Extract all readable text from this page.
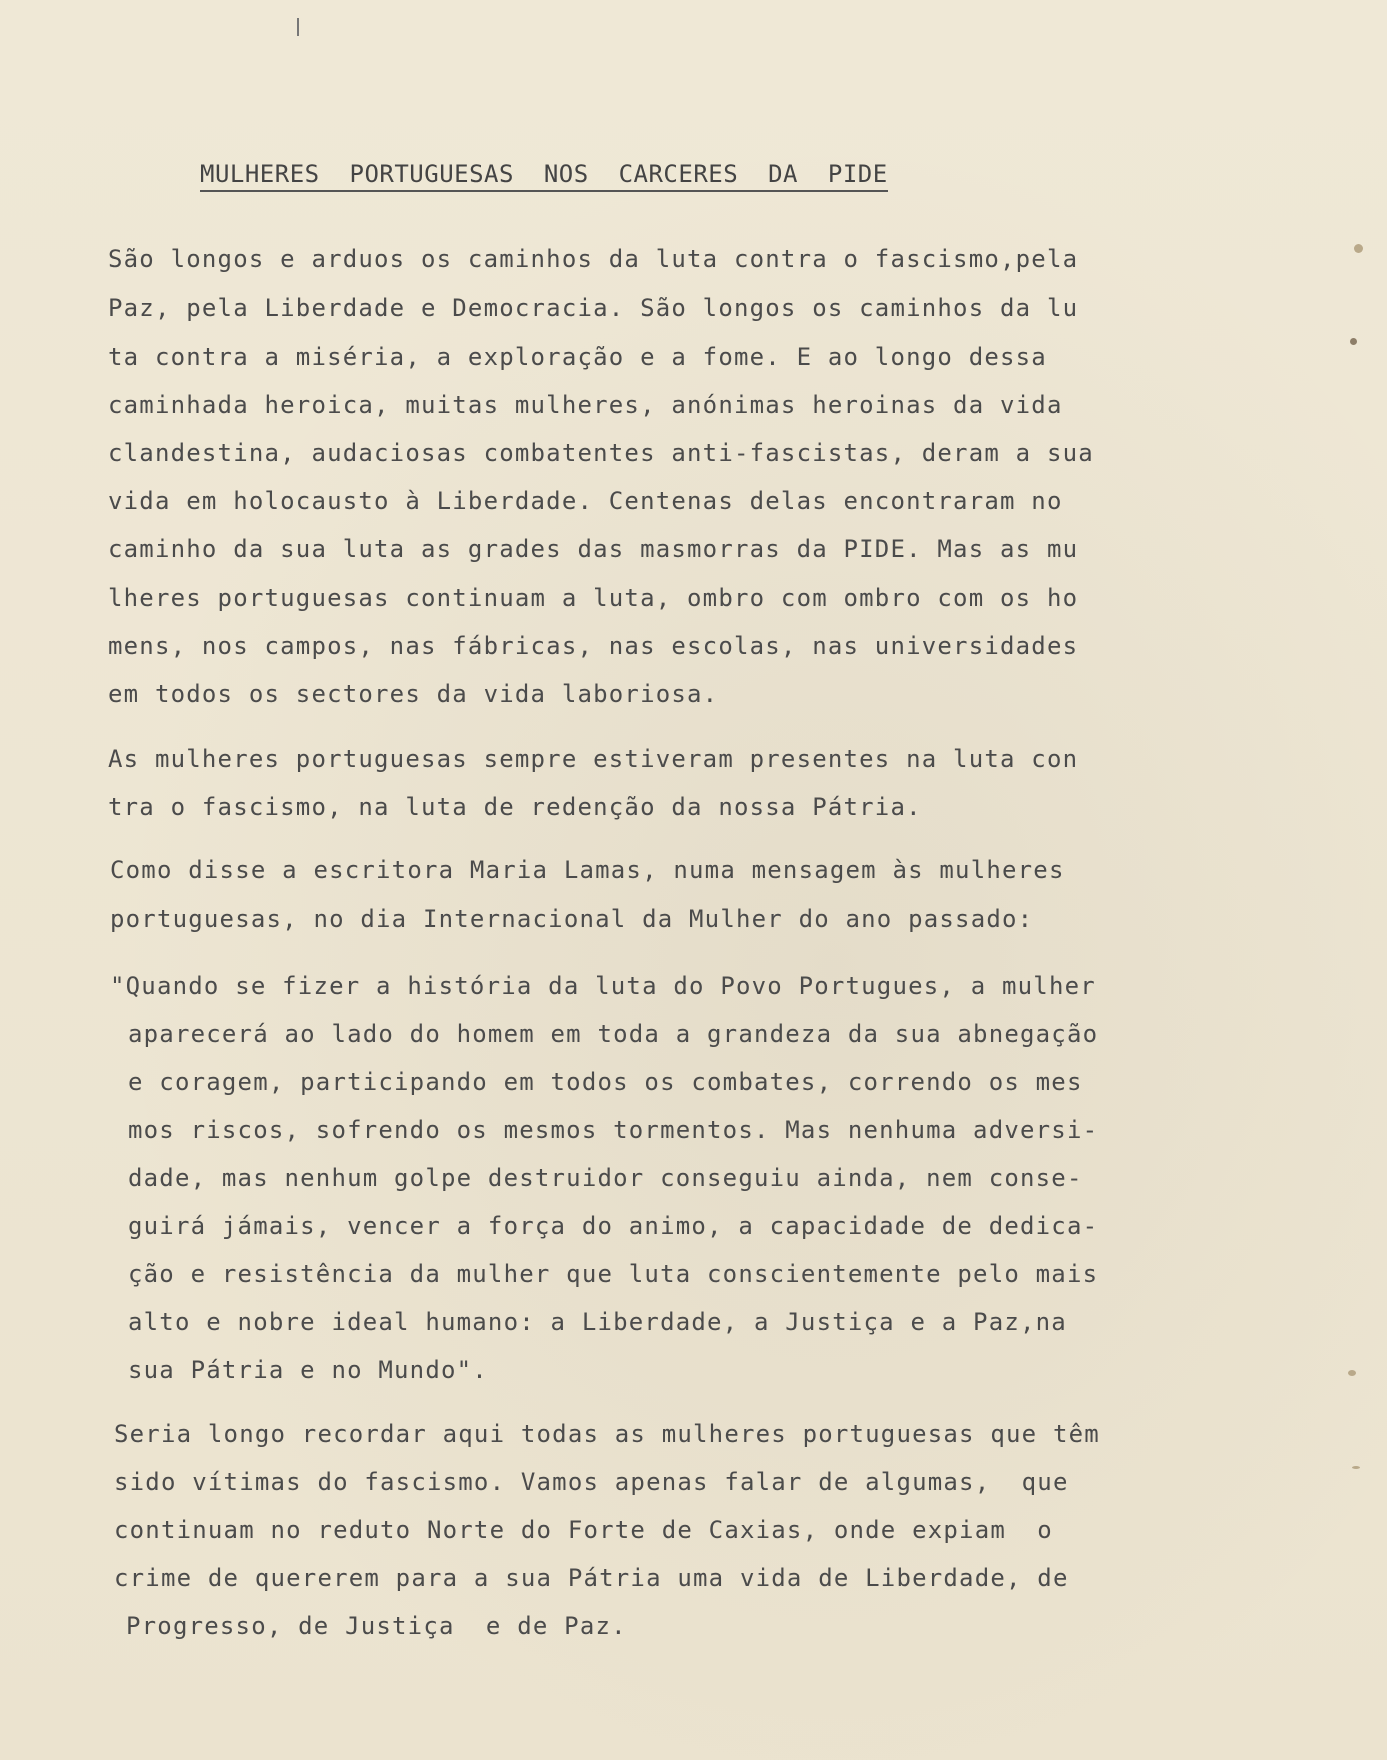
MULHERES  PORTUGUESAS  NOS  CARCERES  DA  PIDE
São longos e arduos os caminhos da luta contra o fascismo,pela
Paz, pela Liberdade e Democracia. São longos os caminhos da lu
ta contra a miséria, a exploração e a fome. E ao longo dessa
caminhada heroica, muitas mulheres, anónimas heroinas da vida
clandestina, audaciosas combatentes anti-fascistas, deram a sua
vida em holocausto à Liberdade. Centenas delas encontraram no
caminho da sua luta as grades das masmorras da PIDE. Mas as mu
lheres portuguesas continuam a luta, ombro com ombro com os ho
mens, nos campos, nas fábricas, nas escolas, nas universidades
em todos os sectores da vida laboriosa.
As mulheres portuguesas sempre estiveram presentes na luta con
tra o fascismo, na luta de redenção da nossa Pátria.
Como disse a escritora Maria Lamas, numa mensagem às mulheres
portuguesas, no dia Internacional da Mulher do ano passado:
"Quando se fizer a história da luta do Povo Portugues, a mulher
aparecerá ao lado do homem em toda a grandeza da sua abnegação
e coragem, participando em todos os combates, correndo os mes
mos riscos, sofrendo os mesmos tormentos. Mas nenhuma adversi-
dade, mas nenhum golpe destruidor conseguiu ainda, nem conse-
guirá jámais, vencer a força do animo, a capacidade de dedica-
ção e resistência da mulher que luta conscientemente pelo mais
alto e nobre ideal humano: a Liberdade, a Justiça e a Paz,na
sua Pátria e no Mundo".
Seria longo recordar aqui todas as mulheres portuguesas que têm
sido vítimas do fascismo. Vamos apenas falar de algumas,  que
continuam no reduto Norte do Forte de Caxias, onde expiam  o
crime de quererem para a sua Pátria uma vida de Liberdade, de
Progresso, de Justiça  e de Paz.
